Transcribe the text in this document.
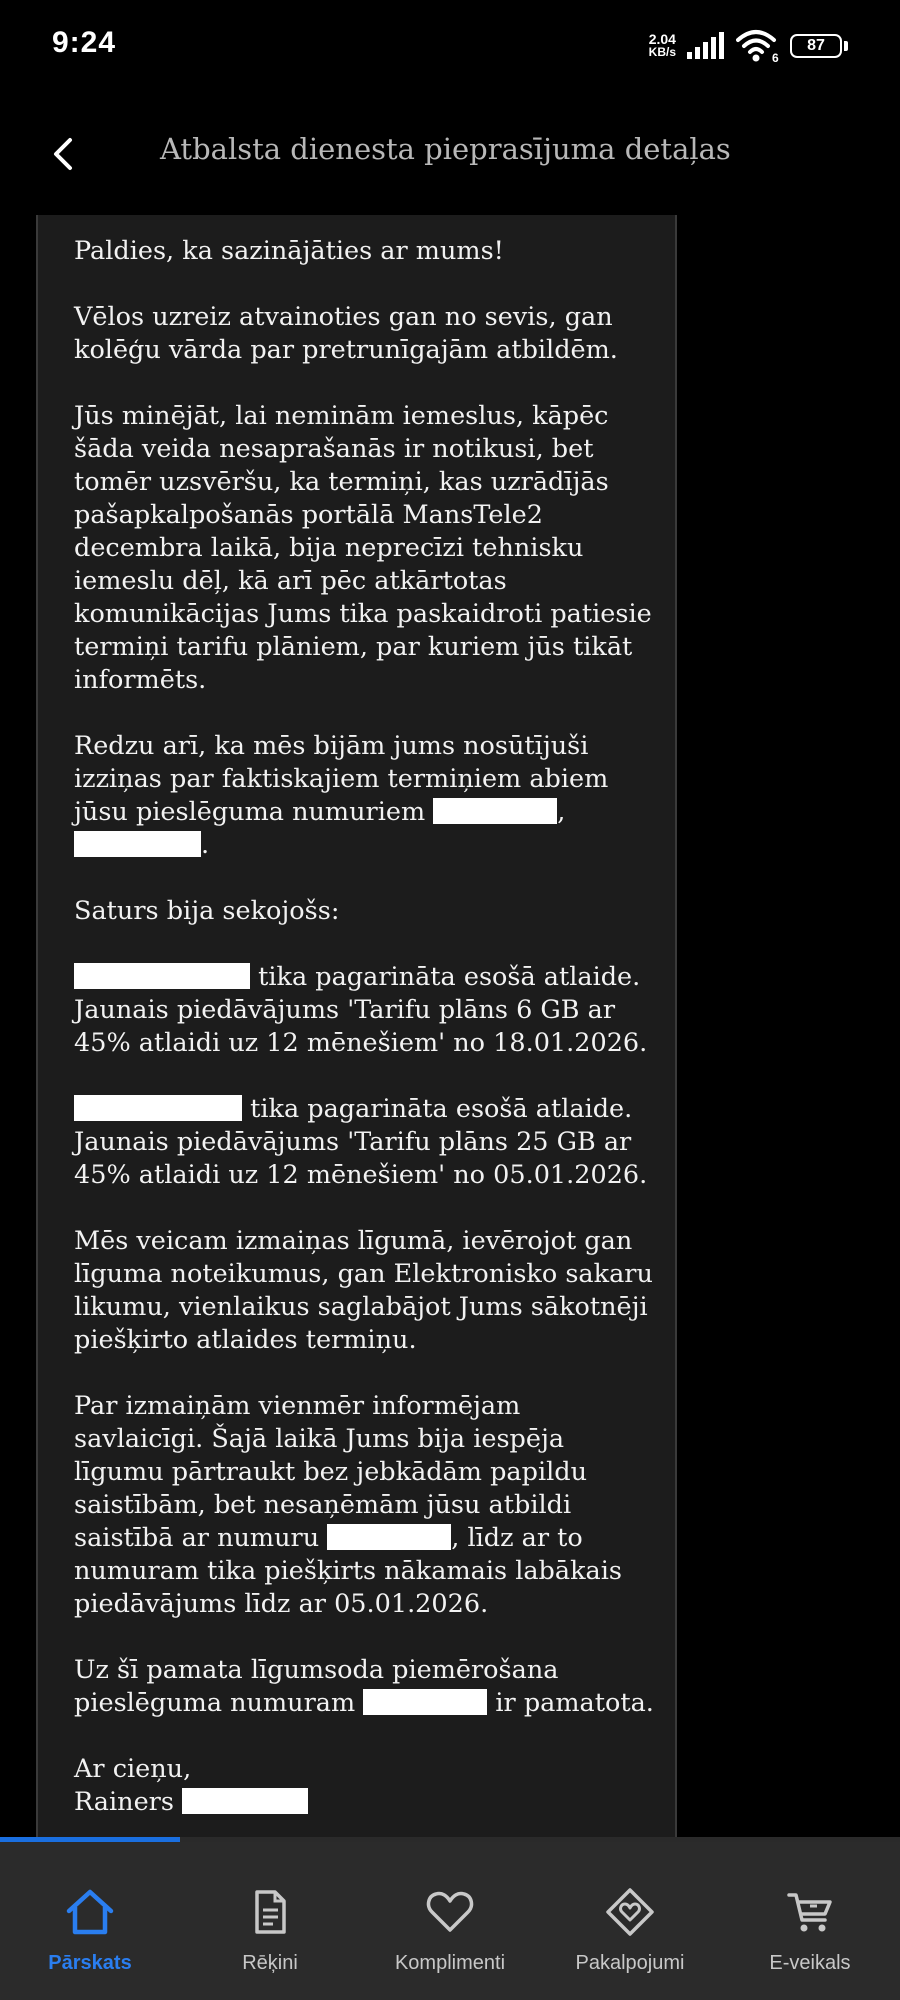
9:24	2.04
KB/s	6
87
Atbalsta dienesta pieprasījuma detaļas

Paldies, ka sazinājāties ar mums!

Vēlos uzreiz atvainoties gan no sevis, gan kolēģu vārda par pretrunīgajām atbildēm.

Jūs minējāt, lai neminām iemeslus, kāpēc šāda veida nesaprašanās ir notikusi, bet tomēr uzsvēršu, ka termiņi, kas uzrādījās pašapkalpošanās portālā MansTele2 decembra laikā, bija neprecīzi tehnisku iemeslu dēļ, kā arī pēc atkārtotas komunikācijas Jums tika paskaidroti patiesie termiņi tarifu plāniem, par kuriem jūs tikāt informēts.

Redzu arī, ka mēs bijām jums nosūtījuši izziņas par faktiskajiem termiņiem abiem jūsu pieslēguma numuriem	,
.

Saturs bija sekojošs:

tika pagarināta esošā atlaide. Jaunais piedāvājums 'Tarifu plāns 6 GB ar 45% atlaidi uz 12 mēnešiem' no 18.01.2026.

tika pagarināta esošā atlaide. Jaunais piedāvājums 'Tarifu plāns 25 GB ar 45% atlaidi uz 12 mēnešiem' no 05.01.2026.

Mēs veicam izmaiņas līgumā, ievērojot gan līguma noteikumus, gan Elektronisko sakaru likumu, vienlaikus saglabājot Jums sākotnēji piešķirto atlaides termiņu.

Par izmaiņām vienmēr informējam savlaicīgi. Šajā laikā Jums bija iespēja līgumu pārtraukt bez jebkādām papildu saistībām, bet nesaņēmām jūsu atbildi saistībā ar numuru	, līdz ar to numuram tika piešķirts nākamais labākais piedāvājums līdz ar 05.01.2026.

Uz šī pamata līgumsoda piemērošana pieslēguma numuram	ir pamatota.

Ar cieņu,
Rainers

Pārskats	Rēķini	Komplimenti	Pakalpojumi	E-veikals
